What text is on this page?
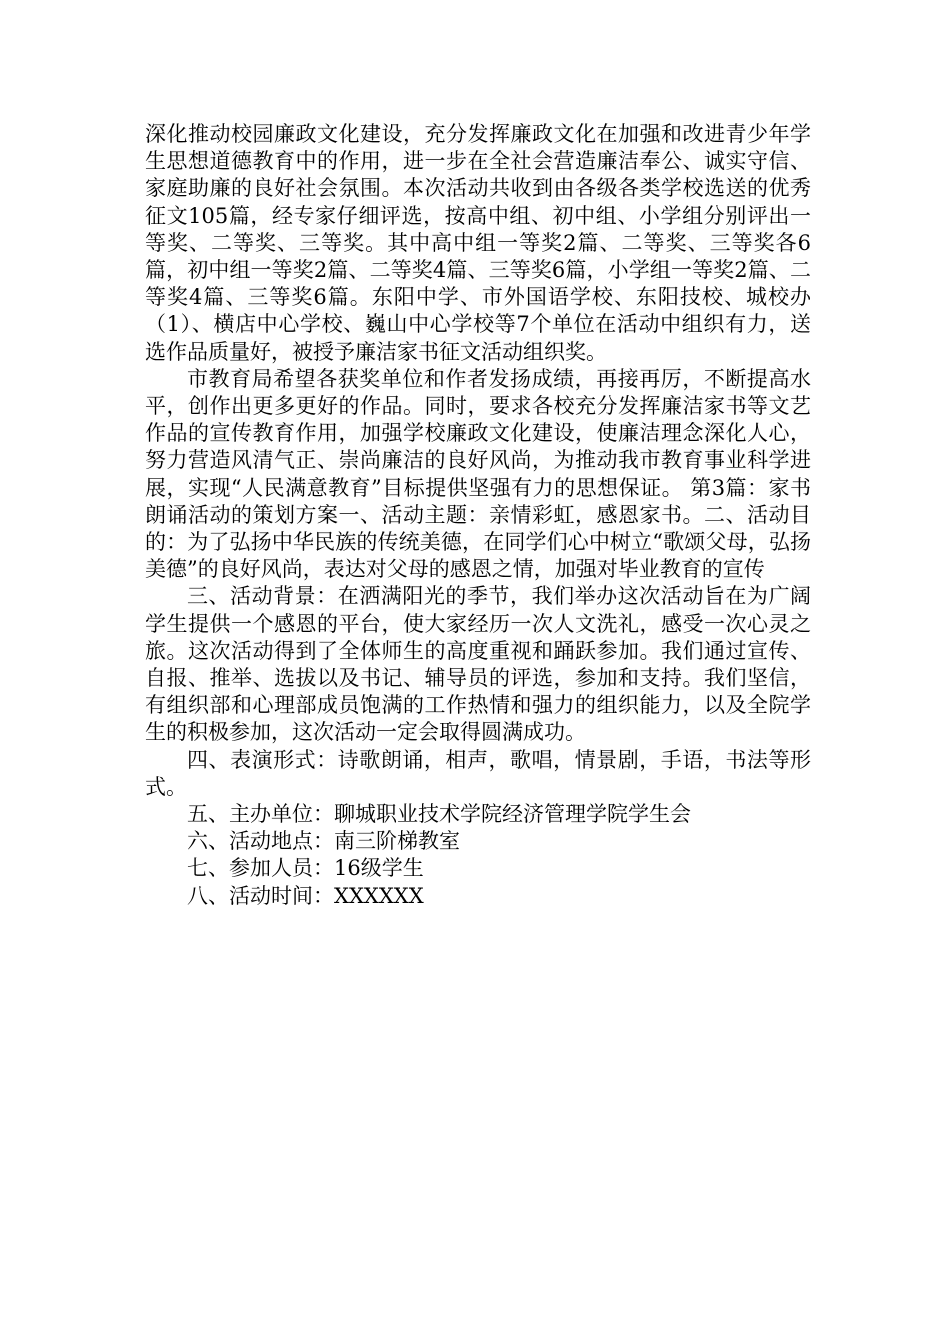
深化推动校园廉政文化建设，充分发挥廉政文化在加强和改进青少年学生思想道德教育中的作用，进一步在全社会营造廉洁奉公、诚实守信、家庭助廉的良好社会氛围。本次活动共收到由各级各类学校选送的优秀征文105篇，经专家仔细评选，按高中组、初中组、小学组分别评出一等奖、二等奖、三等奖。其中高中组一等奖2篇、二等奖、三等奖各6篇，初中组一等奖2篇、二等奖4篇、三等奖6篇，小学组一等奖2篇、二等奖4篇、三等奖6篇。东阳中学、市外国语学校、东阳技校、城校办（1）、横店中心学校、巍山中心学校等7个单位在活动中组织有力，送选作品质量好，被授予廉洁家书征文活动组织奖。

市教育局希望各获奖单位和作者发扬成绩，再接再厉，不断提高水平，创作出更多更好的作品。同时，要求各校充分发挥廉洁家书等文艺作品的宣传教育作用，加强学校廉政文化建设，使廉洁理念深化人心，努力营造风清气正、崇尚廉洁的良好风尚，为推动我市教育事业科学进展，实现“人民满意教育”目标提供坚强有力的思想保证。 第3篇：家书朗诵活动的策划方案一、活动主题：亲情彩虹，感恩家书。二、活动目的：为了弘扬中华民族的传统美德，在同学们心中树立“歌颂父母，弘扬美德”的良好风尚，表达对父母的感恩之情，加强对毕业教育的宣传

三、活动背景：在洒满阳光的季节，我们举办这次活动旨在为广阔学生提供一个感恩的平台，使大家经历一次人文洗礼，感受一次心灵之旅。这次活动得到了全体师生的高度重视和踊跃参加。我们通过宣传、自报、推举、选拔以及书记、辅导员的评选，参加和支持。我们坚信，有组织部和心理部成员饱满的工作热情和强力的组织能力，以及全院学生的积极参加，这次活动一定会取得圆满成功。

四、表演形式：诗歌朗诵，相声，歌唱，情景剧，手语，书法等形式。

五、主办单位：聊城职业技术学院经济管理学院学生会

六、活动地点：南三阶梯教室

七、参加人员：16级学生

八、活动时间：XXXXXX
